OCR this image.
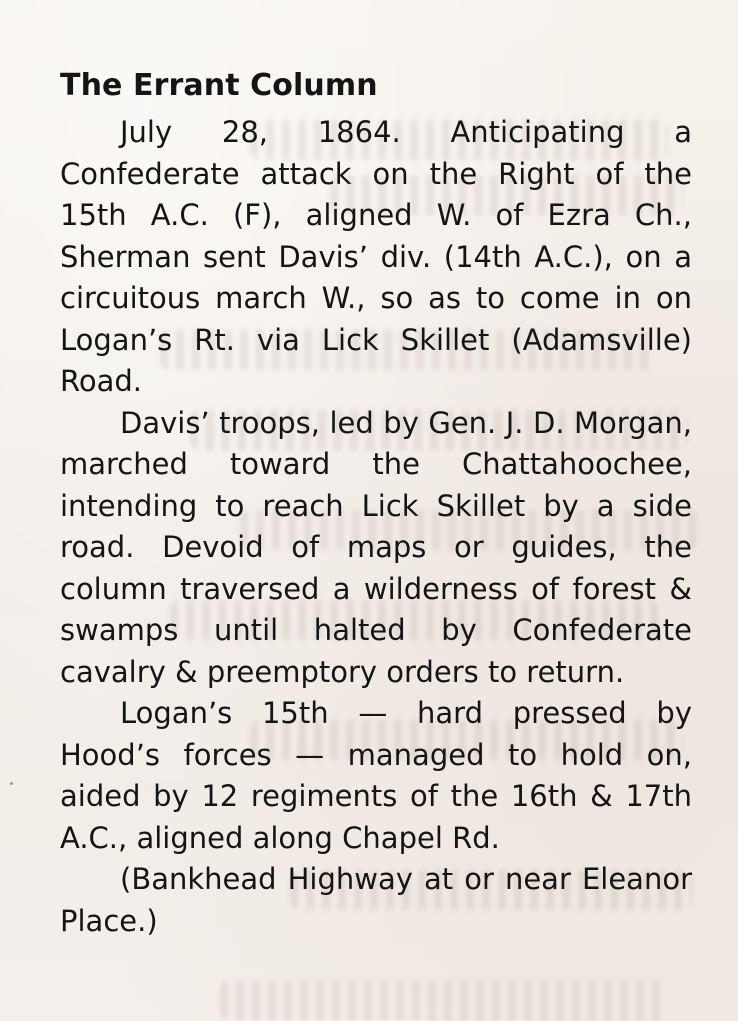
The Errant Column

July 28, 1864. Anticipating a Confederate attack on the Right of the 15th A.C. (F), aligned W. of Ezra Ch., Sherman sent Davis’ div. (14th A.C.), on a circuitous march W., so as to come in on Logan’s Rt. via Lick Skillet (Adamsville) Road.

Davis’ troops, led by Gen. J. D. Morgan, marched toward the Chattahoochee, intending to reach Lick Skillet by a side road. Devoid of maps or guides, the column traversed a wilderness of forest & swamps until halted by Confederate cavalry & preemptory orders to return.

Logan’s 15th — hard pressed by Hood’s forces — managed to hold on, aided by 12 regiments of the 16th & 17th A.C., aligned along Chapel Rd.

(Bankhead Highway at or near Eleanor Place.)
